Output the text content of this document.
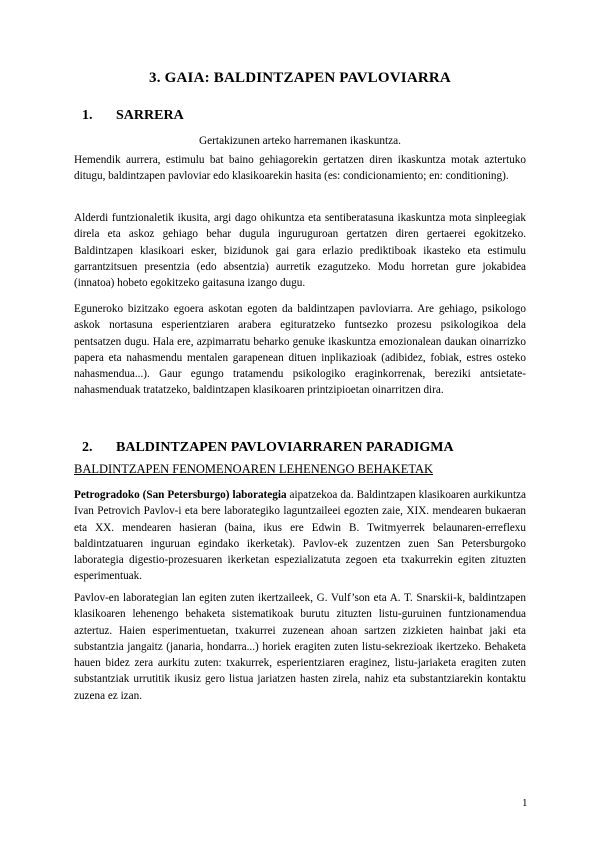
3. GAIA: BALDINTZAPEN PAVLOVIARRA
1. SARRERA
Gertakizunen arteko harremanen ikaskuntza.

Hemendik aurrera, estimulu bat baino gehiagorekin gertatzen diren ikaskuntza motak aztertuko ditugu, baldintzapen pavloviar edo klasikoarekin hasita (es: condicionamiento; en: conditioning).

Alderdi funtzionaletik ikusita, argi dago ohikuntza eta sentiberatasuna ikaskuntza mota sinpleegiak direla eta askoz gehiago behar dugula inguruguroan gertatzen diren gertaerei egokitzeko. Baldintzapen klasikoari esker, bizidunok gai gara erlazio prediktiboak ikasteko eta estimulu garrantzitsuen presentzia (edo absentzia) aurretik ezagutzeko. Modu horretan gure jokabidea (innatoa) hobeto egokitzeko gaitasuna izango dugu.

Eguneroko bizitzako egoera askotan egoten da baldintzapen pavloviarra. Are gehiago, psikologo askok nortasuna esperientziaren arabera egituratzeko funtsezko prozesu psikologikoa dela pentsatzen dugu. Hala ere, azpimarratu beharko genuke ikaskuntza emozionalean daukan oinarrizko papera eta nahasmendu mentalen garapenean dituen inplikazioak (adibidez, fobiak, estres osteko nahasmendua...). Gaur egungo tratamendu psikologiko eraginkorrenak, bereziki antsietate-nahasmenduak tratatzeko, baldintzapen klasikoaren printzipioetan oinarritzen dira.

2. BALDINTZAPEN PAVLOVIARRAREN PARADIGMA
BALDINTZAPEN FENOMENOAREN LEHENENGO BEHAKETAK

Petrogradoko (San Petersburgo) laborategia aipatzekoa da. Baldintzapen klasikoaren aurkikuntza Ivan Petrovich Pavlov-i eta bere laborategiko laguntzaileei egozten zaie, XIX. mendearen bukaeran eta XX. mendearen hasieran (baina, ikus ere Edwin B. Twitmyerrek belaunaren-erreflexu baldintzatuaren inguruan egindako ikerketak). Pavlov-ek zuzentzen zuen San Petersburgoko laborategia digestio-prozesuaren ikerketan espezializatuta zegoen eta txakurrekin egiten zituzten esperimentuak.

Pavlov-en laborategian lan egiten zuten ikertzaileek, G. Vulf’son eta A. T. Snarskii-k, baldintzapen klasikoaren lehenengo behaketa sistematikoak burutu zituzten listu-guruinen funtzionamendua aztertuz. Haien esperimentuetan, txakurrei zuzenean ahoan sartzen zizkieten hainbat jaki eta substantzia jangaitz (janaria, hondarra...) horiek eragiten zuten listu-sekrezioak ikertzeko. Behaketa hauen bidez zera aurkitu zuten: txakurrek, esperientziaren eraginez, listu-jariaketa eragiten zuten substantziak urrutitik ikusiz gero listua jariatzen hasten zirela, nahiz eta substantziarekin kontaktu zuzena ez izan.

1
